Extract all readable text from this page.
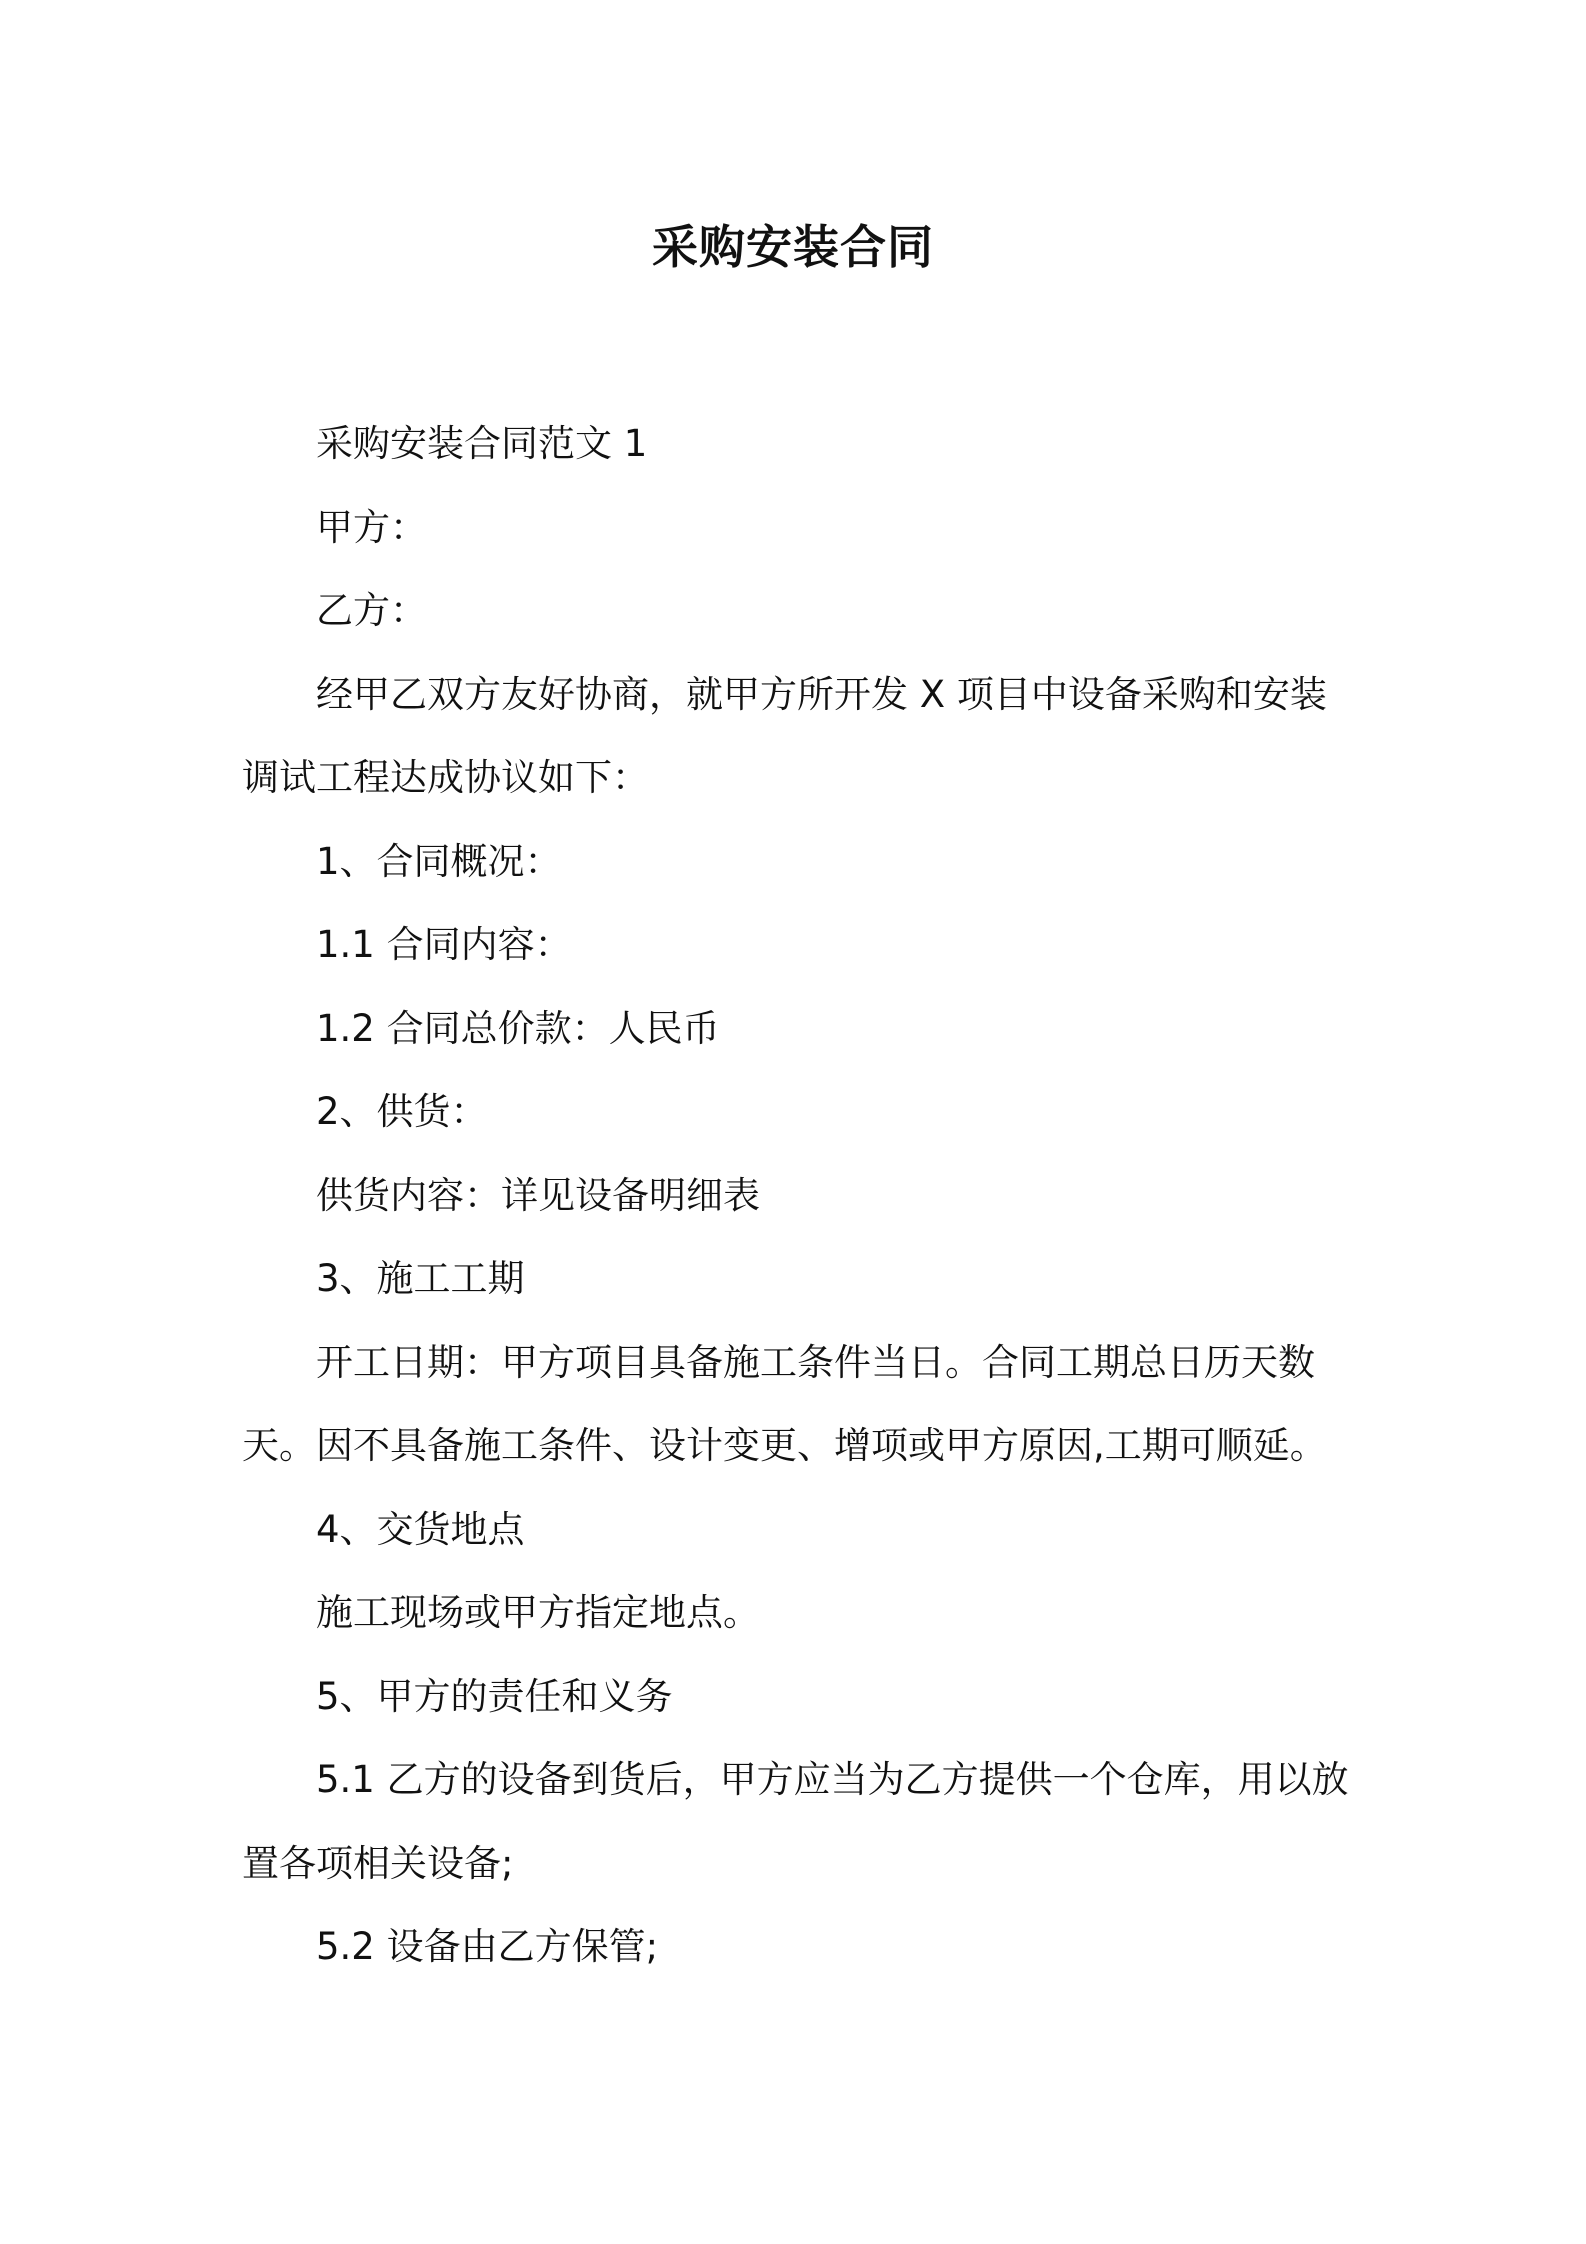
采购安装合同

采购安装合同范文 1

甲方：

乙方：

经甲乙双方友好协商，就甲方所开发 X 项目中设备采购和安装调试工程达成协议如下：

1、合同概况：

1.1 合同内容：

1.2 合同总价款：人民币

2、供货：

供货内容：详见设备明细表

3、施工工期

开工日期：甲方项目具备施工条件当日。合同工期总日历天数天。因不具备施工条件、设计变更、增项或甲方原因,工期可顺延。

4、交货地点

施工现场或甲方指定地点。

5、甲方的责任和义务

5.1 乙方的设备到货后，甲方应当为乙方提供一个仓库，用以放置各项相关设备;

5.2 设备由乙方保管;
